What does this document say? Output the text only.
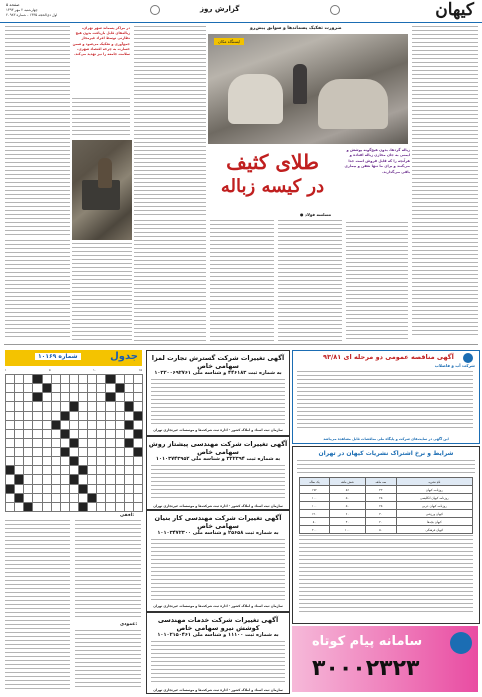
کیهان
گزارش روز
صفحه ۵
چهارشنبه ۲ مهر ۱۳۹۳
اول ذی‌الحجه ۱۴۳۵ - شماره ۲۰۹۸۳
در مراکز پسماند شهر تهران، زباله‌های قابل بازیافت بدون هیچ نظارتی توسط افراد غیرمجاز جمع‌آوری و تفکیک می‌شود و ضمن خسارت به چرخه اقتصاد شهری، سلامت جامعه را نیز تهدید می‌کند.
ضرورت تفکیک پسماندها و سوابق پیش‌رو
ایستگاه مکان
زباله گردها، بدون هیچ‌گونه پوشش و ایمنی به جان مخازن زباله افتاده و هرآنچه را که قابل فروش است جدا می‌کنند و برای ما تنها تعفن و بیماری باقی می‌گذارند.
طلای کثیف
در کیسه زباله
● مسلسه فولاد
جدول
شماره ۱۰۱۶۹
۱	۵	۱۰	۱۵
افقی:
عمودی:
آگهی تغییرات شرکت گسترش تجارت لمزا سهامی خاص
به شماره ثبت ۴۴۶۱۸۳ و شناسه ملی ۱۰۳۲۰۰۶۹۲۷۶۱
سازمان ثبت اسناد و املاک کشور - اداره ثبت شرکت‌ها و موسسات غیرتجاری تهران
آگهی تغییرات شرکت مهندسی پیشتاز روش سهامی خاص
به شماره ثبت ۳۲۲۳۹۴ و شناسه ملی ۱۰۱۰۳۷۴۳۹۵۲
سازمان ثبت اسناد و املاک کشور - اداره ثبت شرکت‌ها و موسسات غیرتجاری تهران
آگهی تغییرات شرکت مهندسی کار بنیان سهامی خاص
به شماره ثبت ۲۵۶۵۸ و شناسه ملی ۱۰۱۰۳۴۷۲۳۰۰
سازمان ثبت اسناد و املاک کشور - اداره ثبت شرکت‌ها و موسسات غیرتجاری تهران
آگهی تغییرات شرکت خدمات مهندسی کوشش نیرو سهامی خاص
به شماره ثبت ۱۱۱۰۰ و شناسه ملی ۱۰۱۰۲۱۵۰۴۶۱
سازمان ثبت اسناد و املاک کشور - اداره ثبت شرکت‌ها و موسسات غیرتجاری تهران
آگهی مناقصه عمومی دو مرحله ای ۹۳/۸۱
شرکت آب و فاضلاب
این آگهی در سایت‌های شرکت و پایگاه ملی مناقصات قابل مشاهده می‌باشد
شرایط و نرخ اشتراک نشریات کیهان در تهران
یک ساله	شش ماهه	سه ماهه	نام نشریه
۱۷۲	۸۶	۴۳	روزنامه کیهان
۱۰۰	۵۰	۲۵	روزنامه کیهان انگلیسی
۱۰۰	۵۰	۲۵	روزنامه کیهان عربی
۱۲۰	۶۰	۳۰	کیهان ورزشی
۸۰	۴۰	۲۰	کیهان بچه‌ها
۲۰۰	۱۰۰	۵۰	کیهان فرهنگی
سامانه پیام کوتاه
۳۰۰۰۲۳۲۳
